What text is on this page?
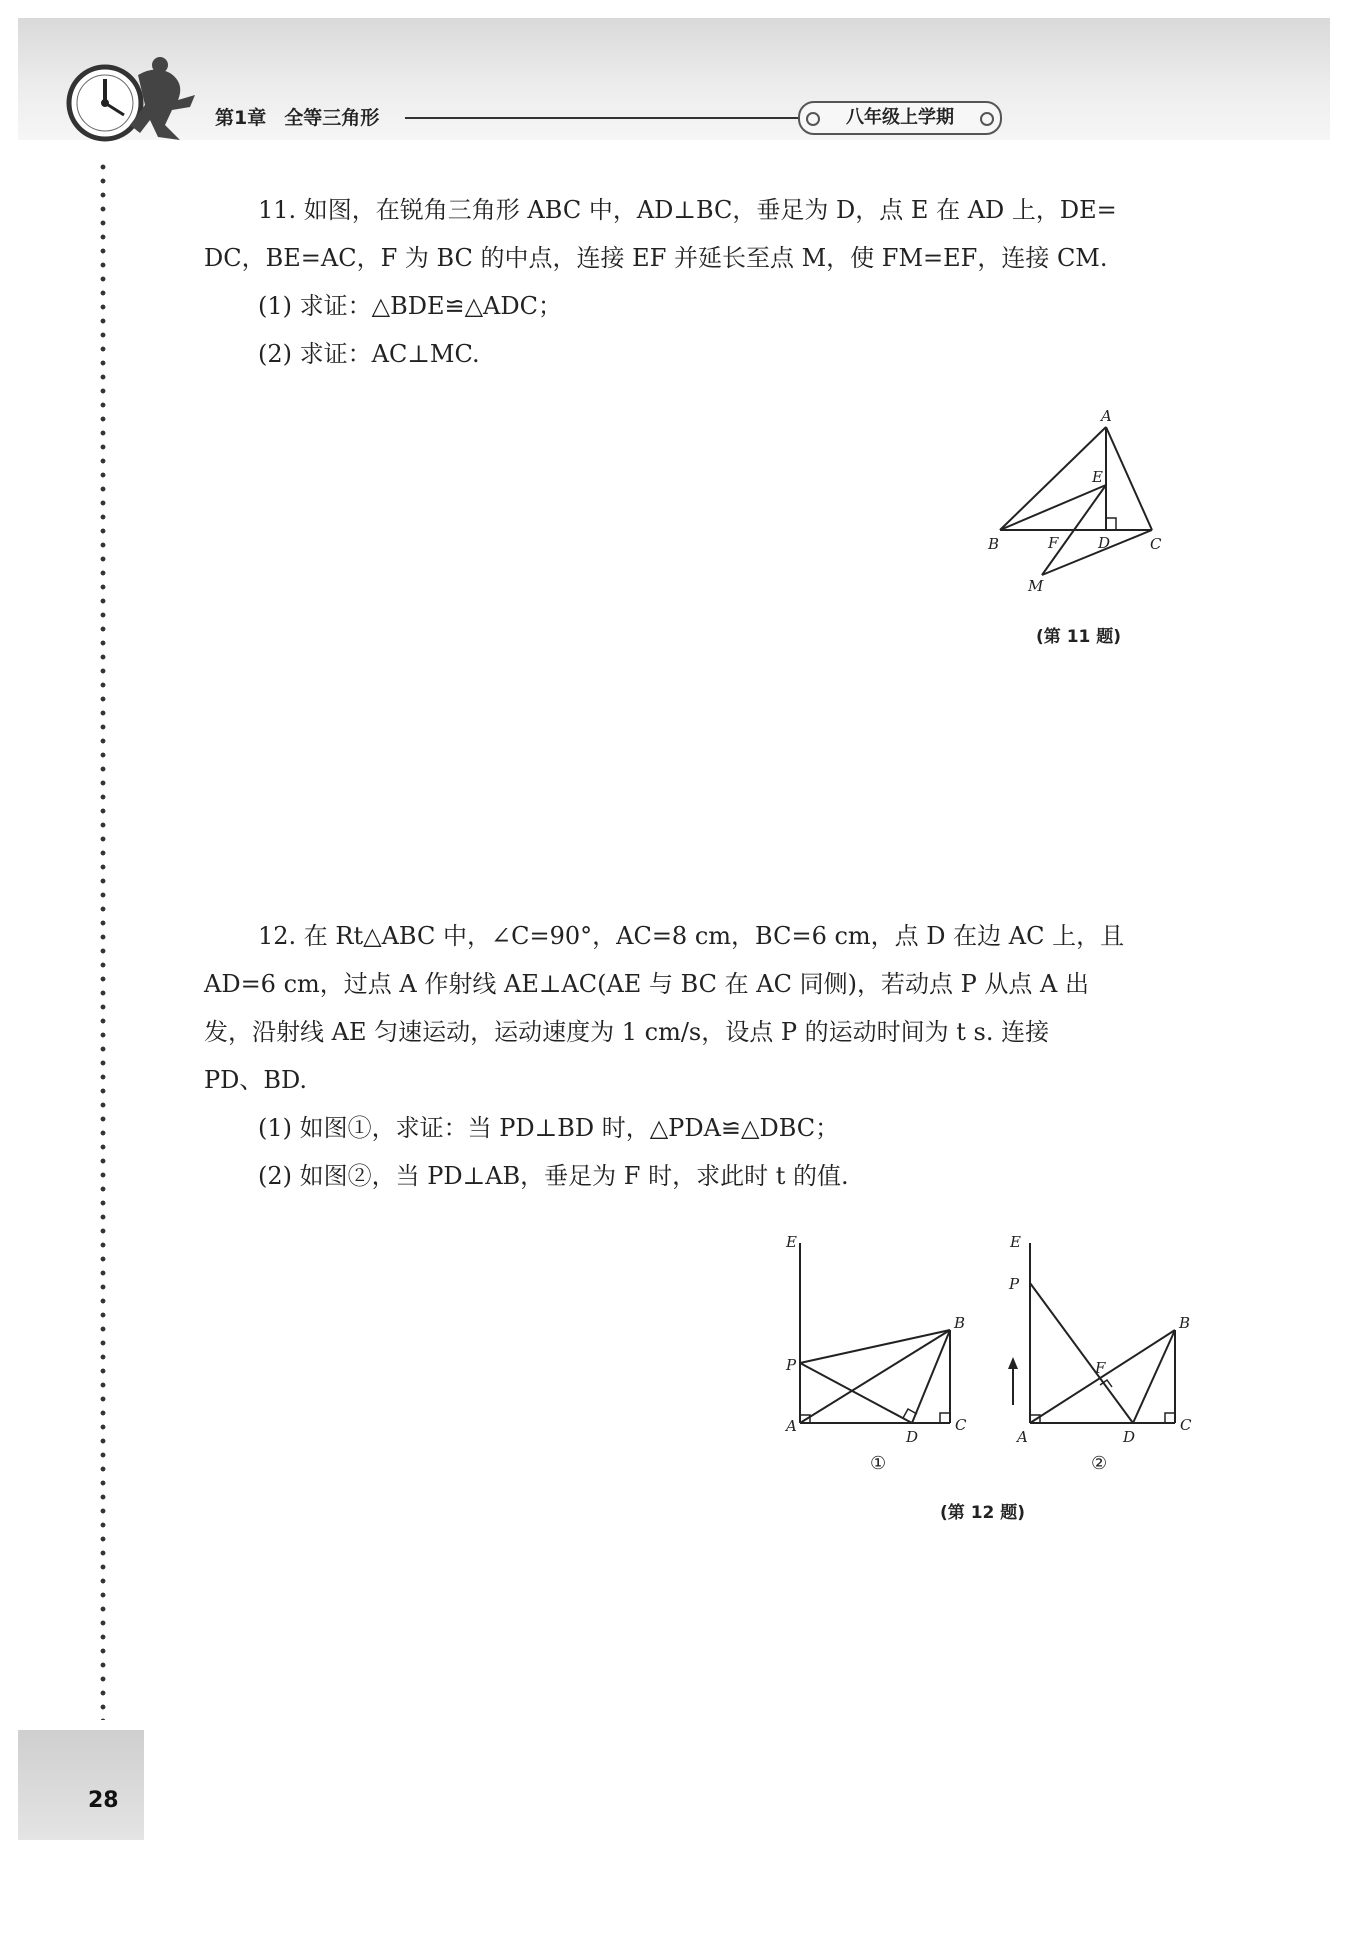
第1章 全等三角形	八年级上学期

11. 如图，在锐角三角形 ABC 中，AD⊥BC，垂足为 D，点 E 在 AD 上，DE=

DC，BE=AC，F 为 BC 的中点，连接 EF 并延长至点 M，使 FM=EF，连接 CM.

(1) 求证：△BDE≌△ADC；

(2) 求证：AC⊥MC.

A
E
B	F	D	C
M
(第 11 题)

12. 在 Rt△ABC 中，∠C=90°，AC=8 cm，BC=6 cm，点 D 在边 AC 上，且

AD=6 cm，过点 A 作射线 AE⊥AC(AE 与 BC 在 AC 同侧)，若动点 P 从点 A 出

发，沿射线 AE 匀速运动，运动速度为 1 cm/s，设点 P 的运动时间为 t s. 连接

PD、BD.

(1) 如图①，求证：当 PD⊥BD 时，△PDA≌△DBC；

(2) 如图②，当 PD⊥AB，垂足为 F 时，求此时 t 的值.

E
P
A
D
C
B
①
E
P
A	D
C
B
F
②
(第 12 题)
28
